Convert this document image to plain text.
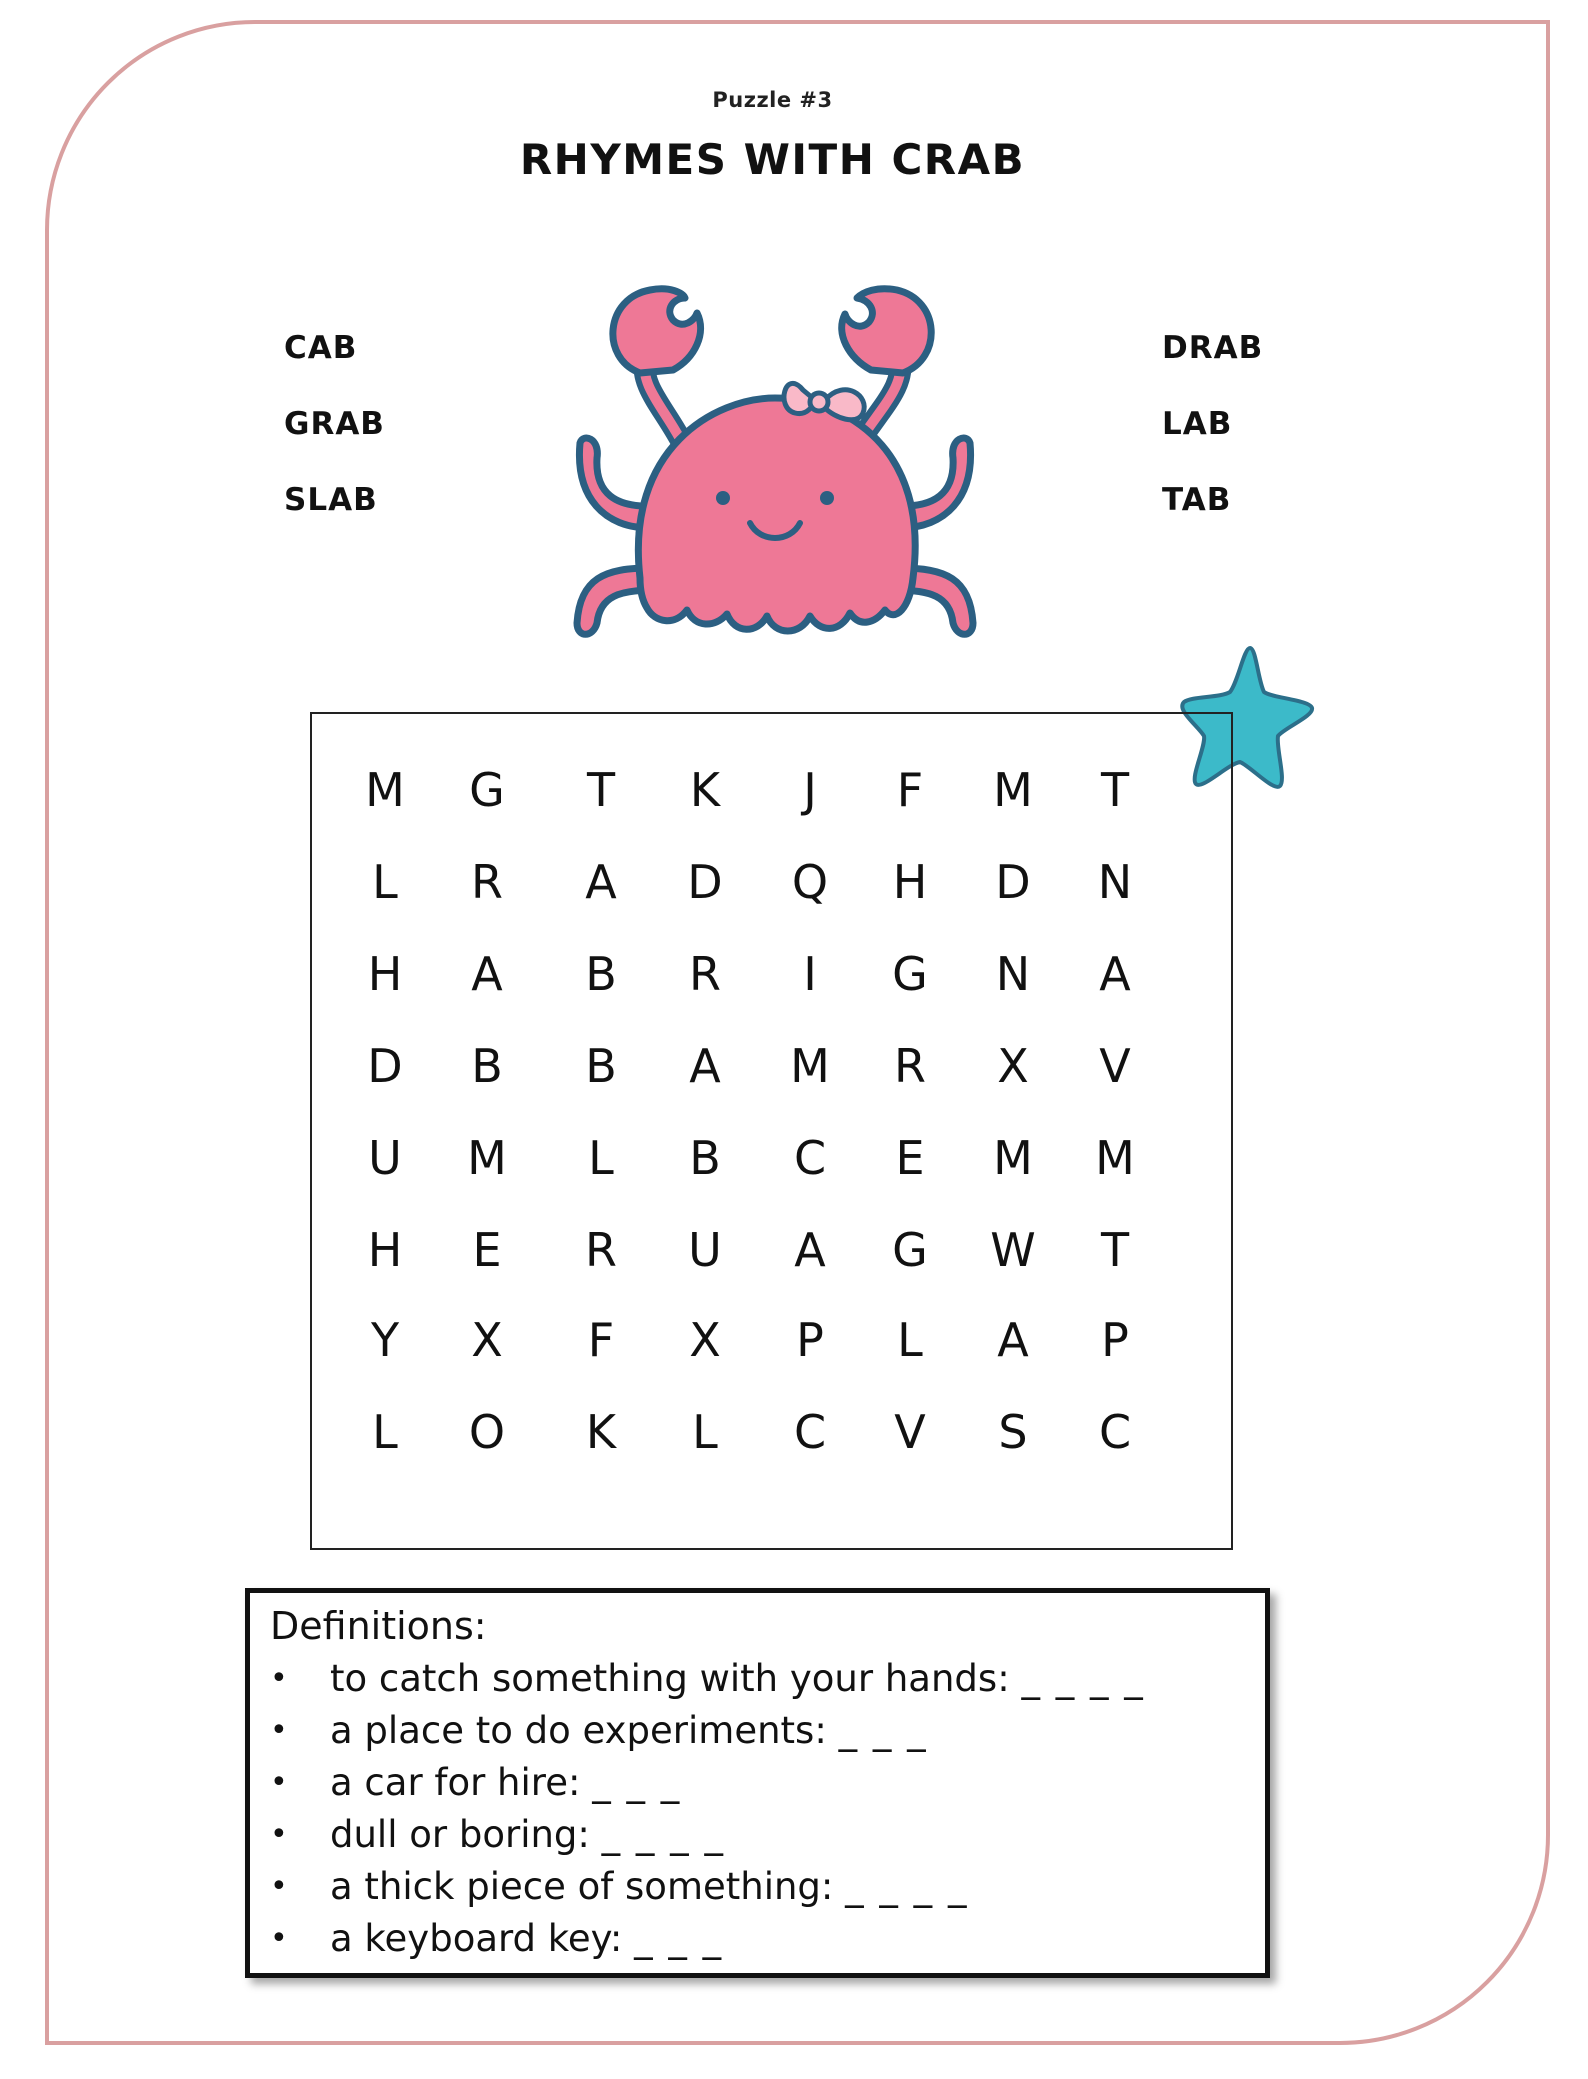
Puzzle #3
RHYMES WITH CRAB
CAB
GRAB
SLAB
DRAB
LAB
TAB
M	G	T	K	J	F	M	T
L	R	A	D	Q	H	D	N
H	A	B	R	I	G	N	A
D	B	B	A	M	R	X	V
U	M	L	B	C	E	M	M
H	E	R	U	A	G	W	T
Y	X	F	X	P	L	A	P
L	O	K	L	C	V	S	C
Definitions:
•	to catch something with your hands: _ _ _ _
•	a place to do experiments: _ _ _
•	a car for hire: _ _ _
•	dull or boring: _ _ _ _
•	a thick piece of something: _ _ _ _
•	a keyboard key: _ _ _
